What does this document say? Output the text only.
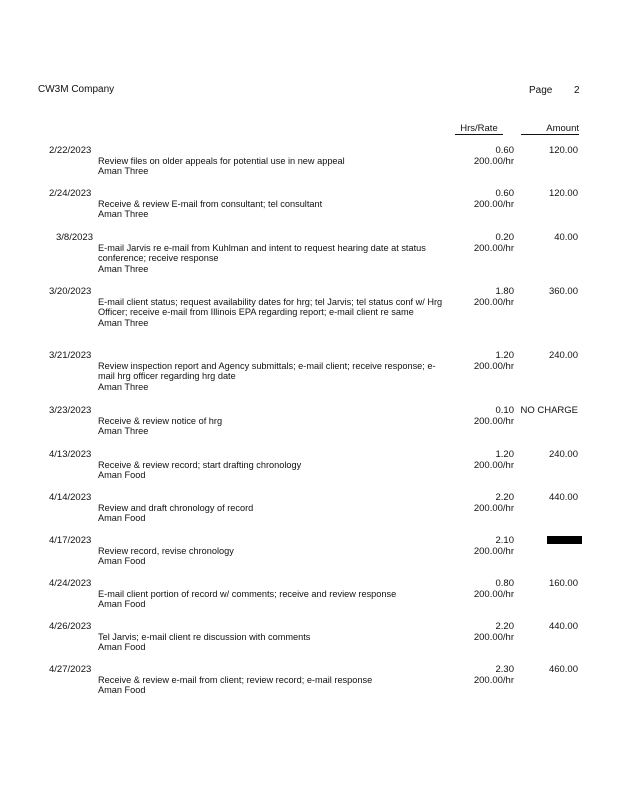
CW3M Company	Page 2
Hrs/Rate	Amount
2/22/2023
Review files on older appeals for potential use in new appeal
Aman Three
0.60
200.00/hr
120.00
2/24/2023
Receive & review E-mail from consultant; tel consultant
Aman Three
0.60
200.00/hr
120.00
3/8/2023
E-mail Jarvis re e-mail from Kuhlman and intent to request hearing date at status conference; receive response
Aman Three
0.20
200.00/hr
40.00
3/20/2023
E-mail client status; request availability dates for hrg; tel Jarvis; tel status conf w/ Hrg Officer; receive e-mail from Illinois EPA regarding report; e-mail client re same
Aman Three
1.80
200.00/hr
360.00
3/21/2023
Review inspection report and Agency submittals; e-mail client; receive response; e-mail hrg officer regarding hrg date
Aman Three
1.20
200.00/hr
240.00
3/23/2023
Receive & review notice of hrg
Aman Three
0.10
200.00/hr
NO CHARGE
4/13/2023
Receive & review record; start drafting chronology
Aman Food
1.20
200.00/hr
240.00
4/14/2023
Review and draft chronology of record
Aman Food
2.20
200.00/hr
440.00
4/17/2023
Review record, revise chronology
Aman Food
2.10
200.00/hr
4/24/2023
E-mail client portion of record w/ comments; receive and review response
Aman Food
0.80
200.00/hr
160.00
4/26/2023
Tel Jarvis; e-mail client re discussion with comments
Aman Food
2.20
200.00/hr
440.00
4/27/2023
Receive & review e-mail from client; review record; e-mail response
Aman Food
2.30
200.00/hr
460.00
